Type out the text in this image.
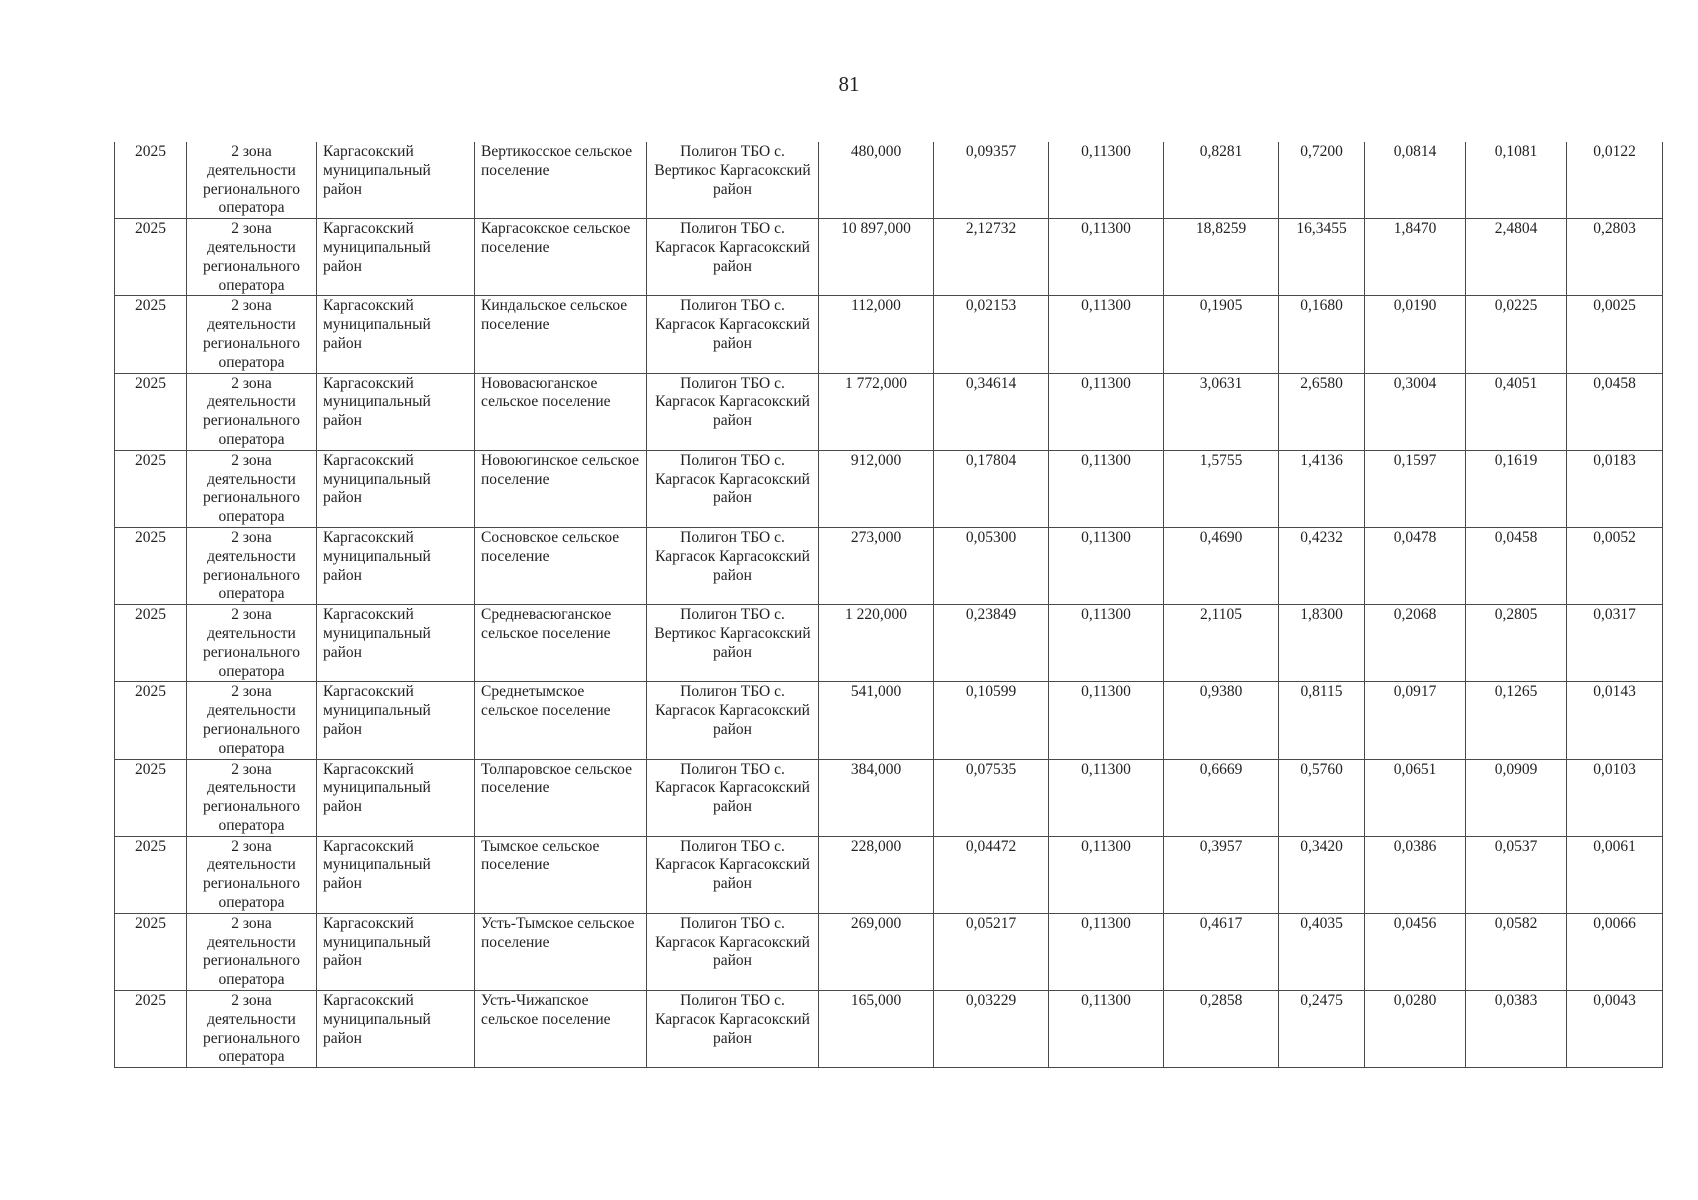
81
2025	2 зона деятельности регионального оператора	Каргасокский муниципальный район	Вертикосское сельское поселение	Полигон ТБО с. Вертикос Каргасокский район	480,000	0,09357	0,11300	0,8281	0,7200	0,0814	0,1081	0,0122
2025	2 зона деятельности регионального оператора	Каргасокский муниципальный район	Каргасокское сельское поселение	Полигон ТБО с. Каргасок Каргасокский район	10 897,000	2,12732	0,11300	18,8259	16,3455	1,8470	2,4804	0,2803
2025	2 зона деятельности регионального оператора	Каргасокский муниципальный район	Киндальское сельское поселение	Полигон ТБО с. Каргасок Каргасокский район	112,000	0,02153	0,11300	0,1905	0,1680	0,0190	0,0225	0,0025
2025	2 зона деятельности регионального оператора	Каргасокский муниципальный район	Нововасюганское сельское поселение	Полигон ТБО с. Каргасок Каргасокский район	1 772,000	0,34614	0,11300	3,0631	2,6580	0,3004	0,4051	0,0458
2025	2 зона деятельности регионального оператора	Каргасокский муниципальный район	Новоюгинское сельское поселение	Полигон ТБО с. Каргасок Каргасокский район	912,000	0,17804	0,11300	1,5755	1,4136	0,1597	0,1619	0,0183
2025	2 зона деятельности регионального оператора	Каргасокский муниципальный район	Сосновское сельское поселение	Полигон ТБО с. Каргасок Каргасокский район	273,000	0,05300	0,11300	0,4690	0,4232	0,0478	0,0458	0,0052
2025	2 зона деятельности регионального оператора	Каргасокский муниципальный район	Средневасюганское сельское поселение	Полигон ТБО с. Вертикос Каргасокский район	1 220,000	0,23849	0,11300	2,1105	1,8300	0,2068	0,2805	0,0317
2025	2 зона деятельности регионального оператора	Каргасокский муниципальный район	Среднетымское сельское поселение	Полигон ТБО с. Каргасок Каргасокский район	541,000	0,10599	0,11300	0,9380	0,8115	0,0917	0,1265	0,0143
2025	2 зона деятельности регионального оператора	Каргасокский муниципальный район	Толпаровское сельское поселение	Полигон ТБО с. Каргасок Каргасокский район	384,000	0,07535	0,11300	0,6669	0,5760	0,0651	0,0909	0,0103
2025	2 зона деятельности регионального оператора	Каргасокский муниципальный район	Тымское сельское поселение	Полигон ТБО с. Каргасок Каргасокский район	228,000	0,04472	0,11300	0,3957	0,3420	0,0386	0,0537	0,0061
2025	2 зона деятельности регионального оператора	Каргасокский муниципальный район	Усть-Тымское сельское поселение	Полигон ТБО с. Каргасок Каргасокский район	269,000	0,05217	0,11300	0,4617	0,4035	0,0456	0,0582	0,0066
2025	2 зона деятельности регионального оператора	Каргасокский муниципальный район	Усть-Чижапское сельское поселение	Полигон ТБО с. Каргасок Каргасокский район	165,000	0,03229	0,11300	0,2858	0,2475	0,0280	0,0383	0,0043
